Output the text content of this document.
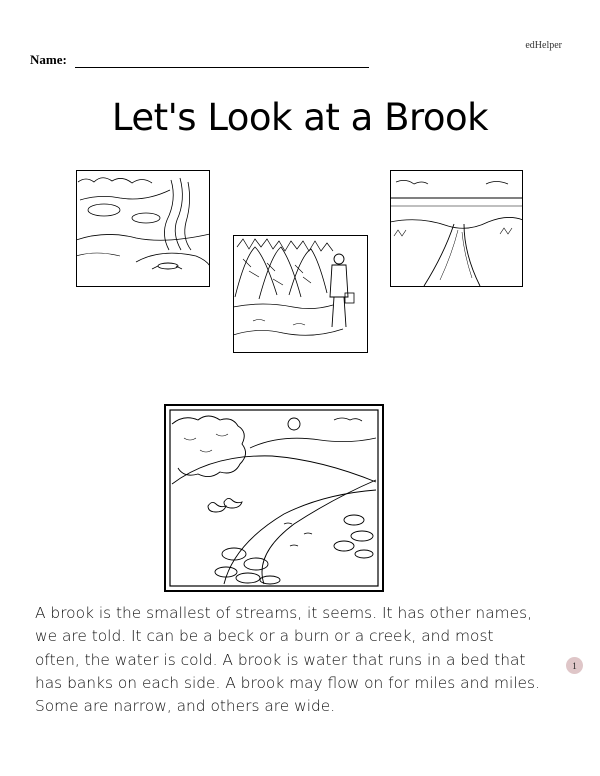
edHelper
Name:
Let's Look at a Brook
A brook is the smallest of streams, it seems. It has other names,
we are told. It can be a beck or a burn or a creek, and most
often, the water is cold. A brook is water that runs in a bed that
has banks on each side. A brook may flow on for miles and miles.
Some are narrow, and others are wide.
1
